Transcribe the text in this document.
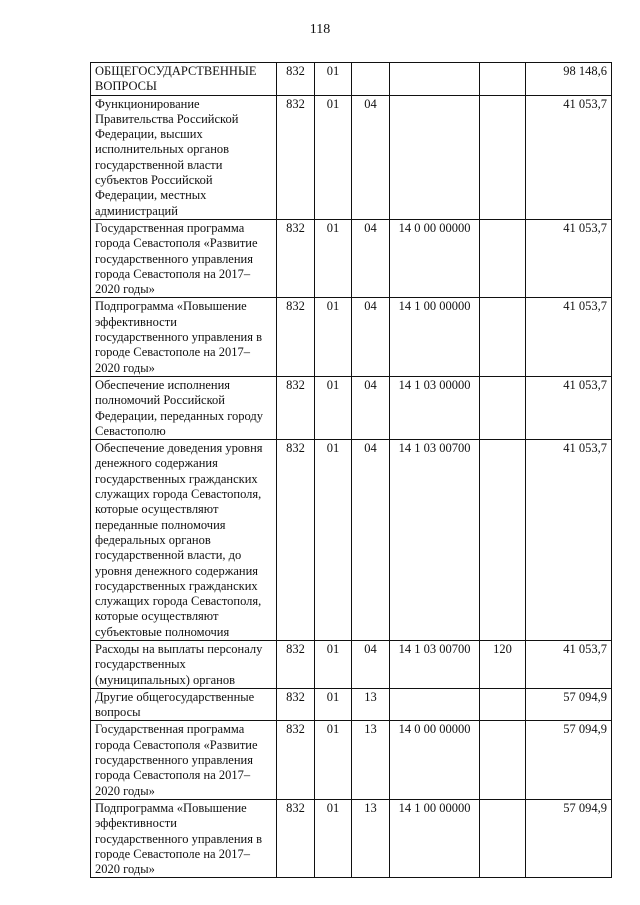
118
ОБЩЕГОСУДАРСТВЕННЫЕ ВОПРОСЫ	832	01				98 148,6
Функционирование Правительства Российской Федерации, высших исполнительных органов государственной власти субъектов Российской Федерации, местных администраций	832	01	04			41 053,7
Государственная программа города Севастополя «Развитие государственного управления города Севастополя на 2017–2020 годы»	832	01	04	14 0 00 00000		41 053,7
Подпрограмма «Повышение эффективности государственного управления в городе Севастополе на 2017–2020 годы»	832	01	04	14 1 00 00000		41 053,7
Обеспечение исполнения полномочий Российской Федерации, переданных городу Севастополю	832	01	04	14 1 03 00000		41 053,7
Обеспечение доведения уровня денежного содержания государственных гражданских служащих города Севастополя, которые осуществляют переданные полномочия федеральных органов государственной власти, до уровня денежного содержания государственных гражданских служащих города Севастополя, которые осуществляют субъектовые полномочия	832	01	04	14 1 03 00700		41 053,7
Расходы на выплаты персоналу государственных (муниципальных) органов	832	01	04	14 1 03 00700	120	41 053,7
Другие общегосударственные вопросы	832	01	13			57 094,9
Государственная программа города Севастополя «Развитие государственного управления города Севастополя на 2017–2020 годы»	832	01	13	14 0 00 00000		57 094,9
Подпрограмма «Повышение эффективности государственного управления в городе Севастополе на 2017–2020 годы»	832	01	13	14 1 00 00000		57 094,9
